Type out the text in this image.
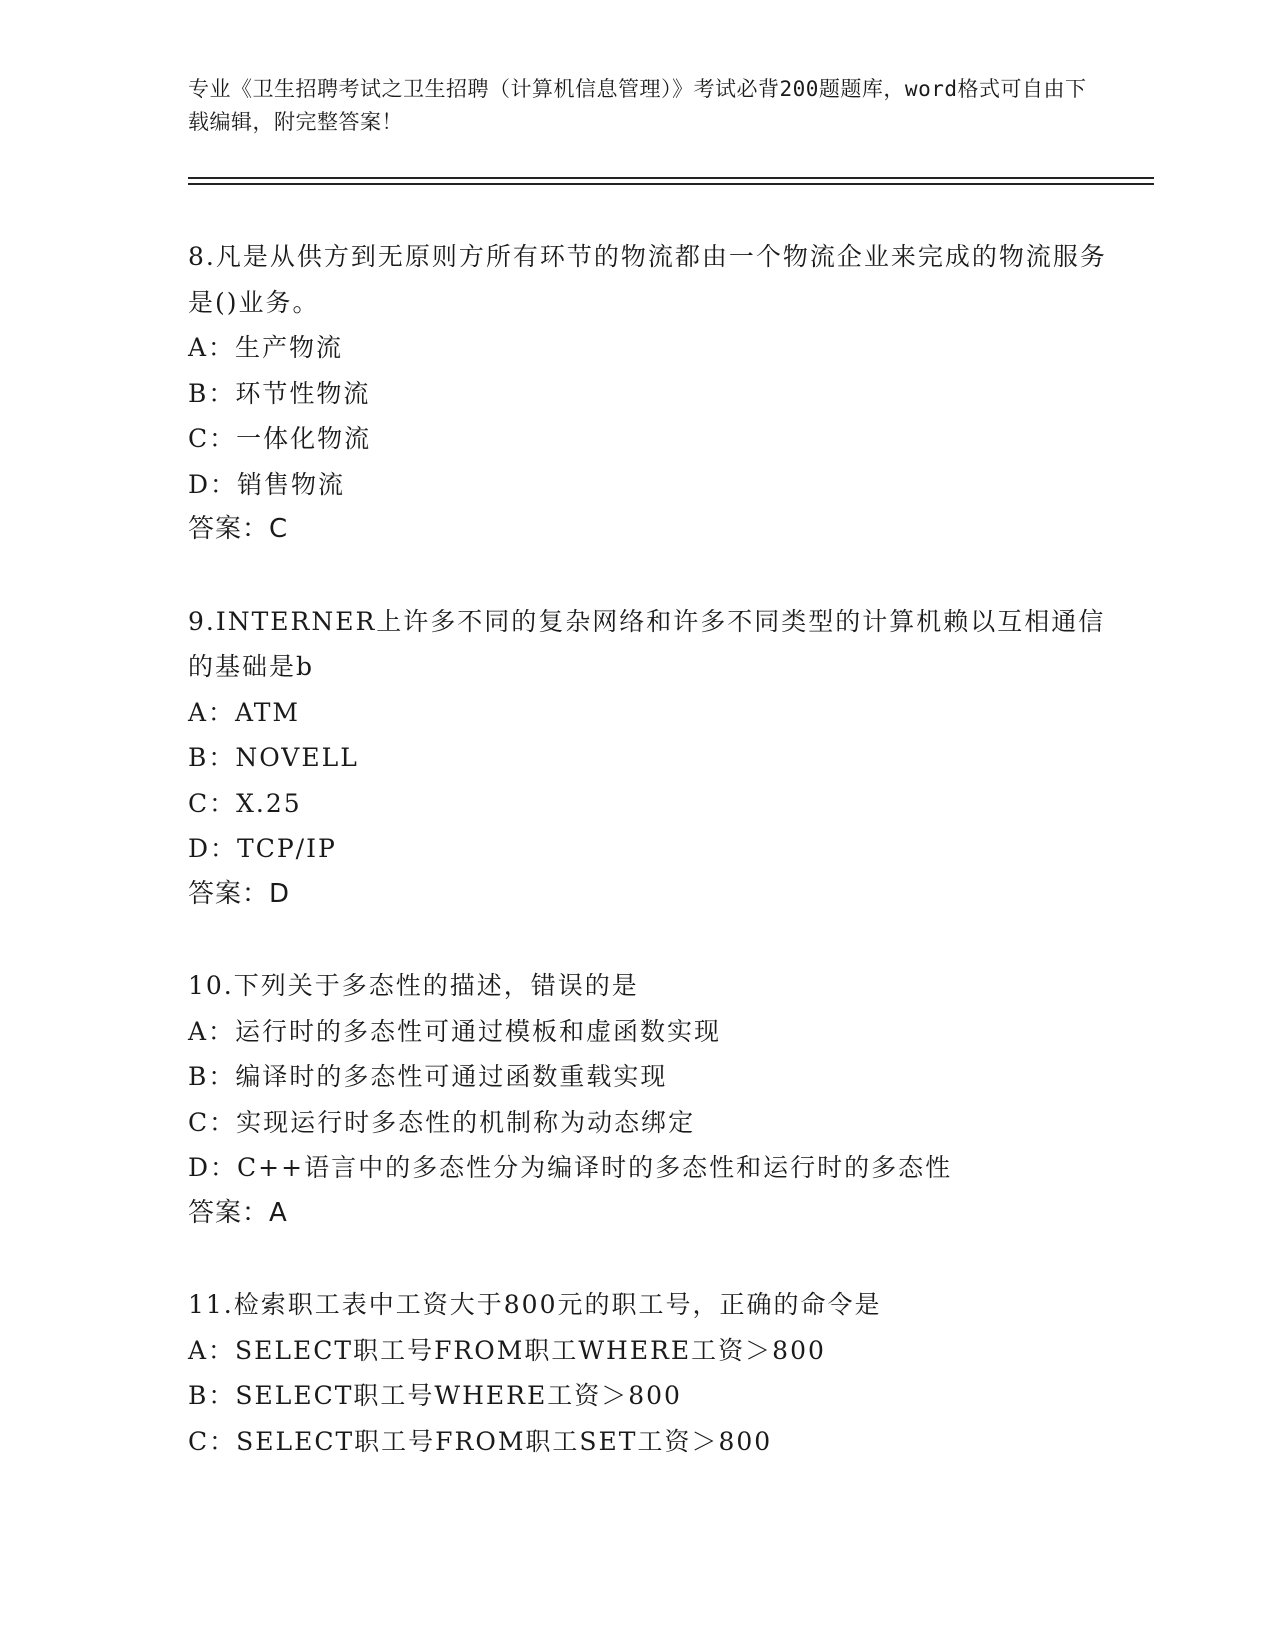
专业《卫生招聘考试之卫生招聘（计算机信息管理）》考试必背200题题库，word格式可自由下载编辑，附完整答案！

8.凡是从供方到无原则方所有环节的物流都由一个物流企业来完成的物流服务是()业务。

A：生产物流

B：环节性物流

C：一体化物流

D：销售物流

答案：C

9.INTERNER上许多不同的复杂网络和许多不同类型的计算机赖以互相通信的基础是b

A：ATM

B：NOVELL

C：X.25

D：TCP/IP

答案：D

10.下列关于多态性的描述，错误的是

A：运行时的多态性可通过模板和虚函数实现

B：编译时的多态性可通过函数重载实现

C：实现运行时多态性的机制称为动态绑定

D：C++语言中的多态性分为编译时的多态性和运行时的多态性

答案：A

11.检索职工表中工资大于800元的职工号，正确的命令是

A：SELECT职工号FROM职工WHERE工资＞800

B：SELECT职工号WHERE工资＞800

C：SELECT职工号FROM职工SET工资＞800
